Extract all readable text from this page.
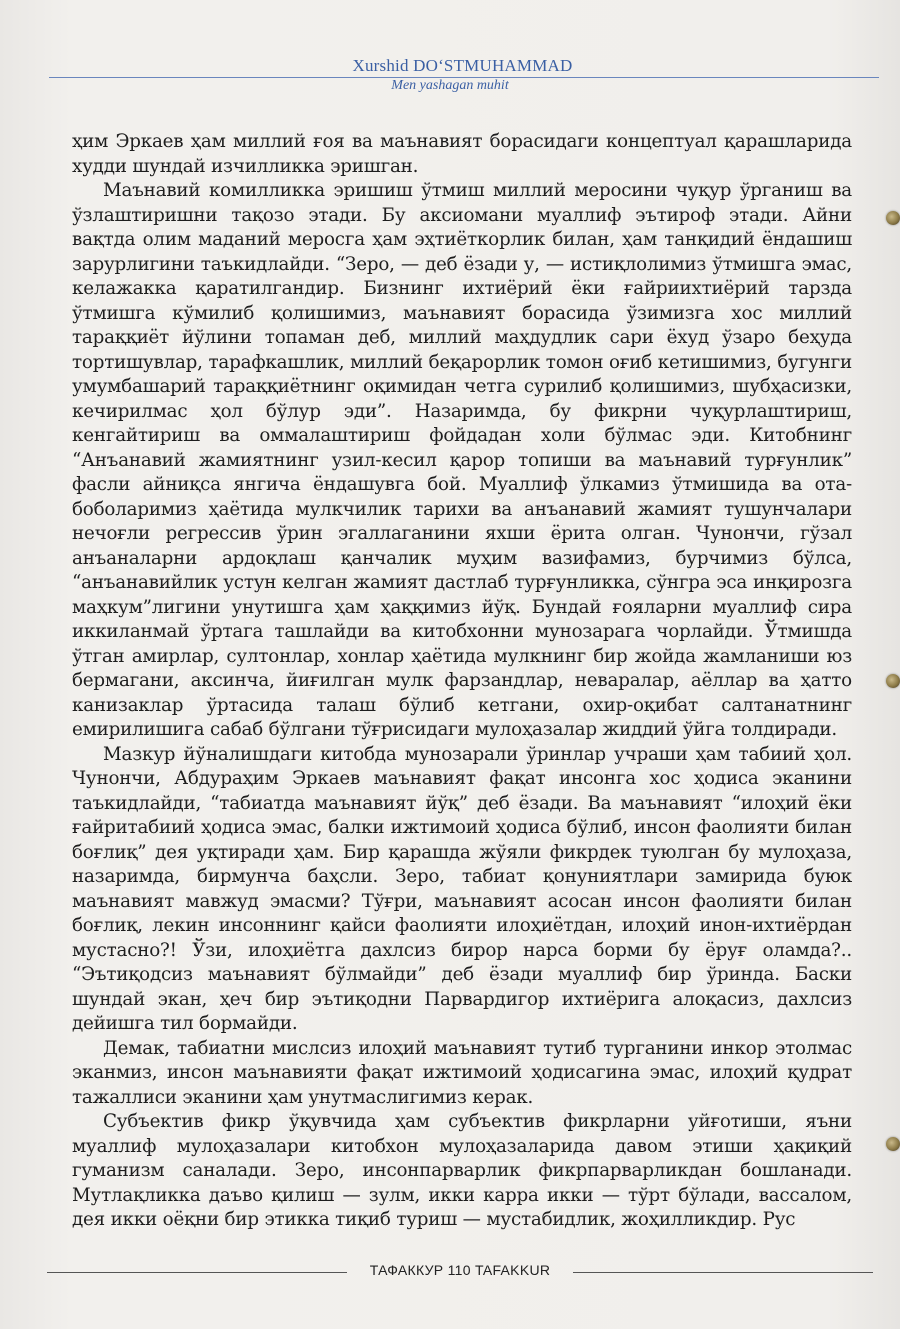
Xurshid DO‘STMUHAMMAD
Men yashagan muhit

ҳим Эркаев ҳам миллий ғоя ва маънавият борасидаги концептуал қарашларида худди шундай изчилликка эришган.

Маънавий комилликка эришиш ўтмиш миллий меросини чуқур ўрганиш ва ўзлаштиришни тақозо этади. Бу аксиомани муаллиф эътироф этади. Айни вақтда олим маданий меросга ҳам эҳтиёткорлик билан, ҳам танқидий ёндашиш зарурлигини таъкидлайди. “Зеро, — деб ёзади у, — истиқлолимиз ўтмишга эмас, келажакка қаратилгандир. Бизнинг ихтиёрий ёки ғайриихтиёрий тарзда ўтмишга кўмилиб қолишимиз, маънавият борасида ўзимизга хос миллий тараққиёт йўлини топаман деб, миллий маҳдудлик сари ёхуд ўзаро беҳуда тортишувлар, тарафкашлик, миллий беқарорлик томон оғиб кетишимиз, бугунги умумбашарий тараққиётнинг оқимидан четга сурилиб қолишимиз, шубҳасизки, кечирилмас ҳол бўлур эди”. Назаримда, бу фикрни чуқурлаштириш, кенгайтириш ва оммалаштириш фойдадан холи бўлмас эди. Китобнинг “Анъанавий жамиятнинг узил-кесил қарор топиши ва маънавий турғунлик” фасли айниқса янгича ёндашувга бой. Муаллиф ўлкамиз ўтмишида ва ота-боболаримиз ҳаётида мулкчилик тарихи ва анъанавий жамият тушунчалари нечоғли регрессив ўрин эгаллаганини яхши ёрита олган. Чунончи, гўзал анъаналарни ардоқлаш қанчалик муҳим вазифамиз, бурчимиз бўлса, “анъанавийлик устун келган жамият дастлаб турғунликка, сўнгра эса инқирозга маҳкум”лигини унутишга ҳам ҳаққимиз йўқ. Бундай ғояларни муаллиф сира иккиланмай ўртага ташлайди ва китобхонни мунозарага чорлайди. Ўтмишда ўтган амирлар, султонлар, хонлар ҳаётида мулкнинг бир жойда жамланиши юз бермагани, аксинча, йиғилган мулк фарзандлар, неваралар, аёллар ва ҳатто канизаклар ўртасида талаш бўлиб кетгани, охир-оқибат салтанатнинг емирилишига сабаб бўлгани тўғрисидаги мулоҳазалар жиддий ўйга толдиради.

Мазкур йўналишдаги китобда мунозарали ўринлар учраши ҳам табиий ҳол. Чунончи, Абдураҳим Эркаев маънавият фақат инсонга хос ҳодиса эканини таъкидлайди, “табиатда маънавият йўқ” деб ёзади. Ва маънавият “илоҳий ёки ғайритабиий ҳодиса эмас, балки ижтимоий ҳодиса бўлиб, инсон фаолияти билан боғлиқ” дея уқтиради ҳам. Бир қарашда жўяли фикрдек туюлган бу мулоҳаза, назаримда, бирмунча баҳсли. Зеро, табиат қонуниятлари замирида буюк маънавият мавжуд эмасми? Тўғри, маънавият асосан инсон фаолияти билан боғлиқ, лекин инсоннинг қайси фаолияти илоҳиётдан, илоҳий инон-ихтиёрдан мустасно?! Ўзи, илоҳиётга дахлсиз бирор нарса борми бу ёруғ оламда?.. “Эътиқодсиз маънавият бўлмайди” деб ёзади муаллиф бир ўринда. Баски шундай экан, ҳеч бир эътиқодни Парвардигор ихтиёрига алоқасиз, дахлсиз дейишга тил бормайди.

Демак, табиатни мислсиз илоҳий маънавият тутиб турганини инкор этолмас эканмиз, инсон маънавияти фақат ижтимоий ҳодисагина эмас, илоҳий қудрат тажаллиси эканини ҳам унутмаслигимиз керак.

Субъектив фикр ўқувчида ҳам субъектив фикрларни уйғотиши, яъни муаллиф мулоҳазалари китобхон мулоҳазаларида давом этиши ҳақиқий гуманизм саналади. Зеро, инсонпарварлик фикрпарварликдан бошланади. Мутлақликка даъво қилиш — зулм, икки карра икки — тўрт бўлади, вассалом, дея икки оёқни бир этикка тиқиб туриш — мустабидлик, жоҳилликдир. Рус

ТАФАККУР 110 TAFAKKUR
